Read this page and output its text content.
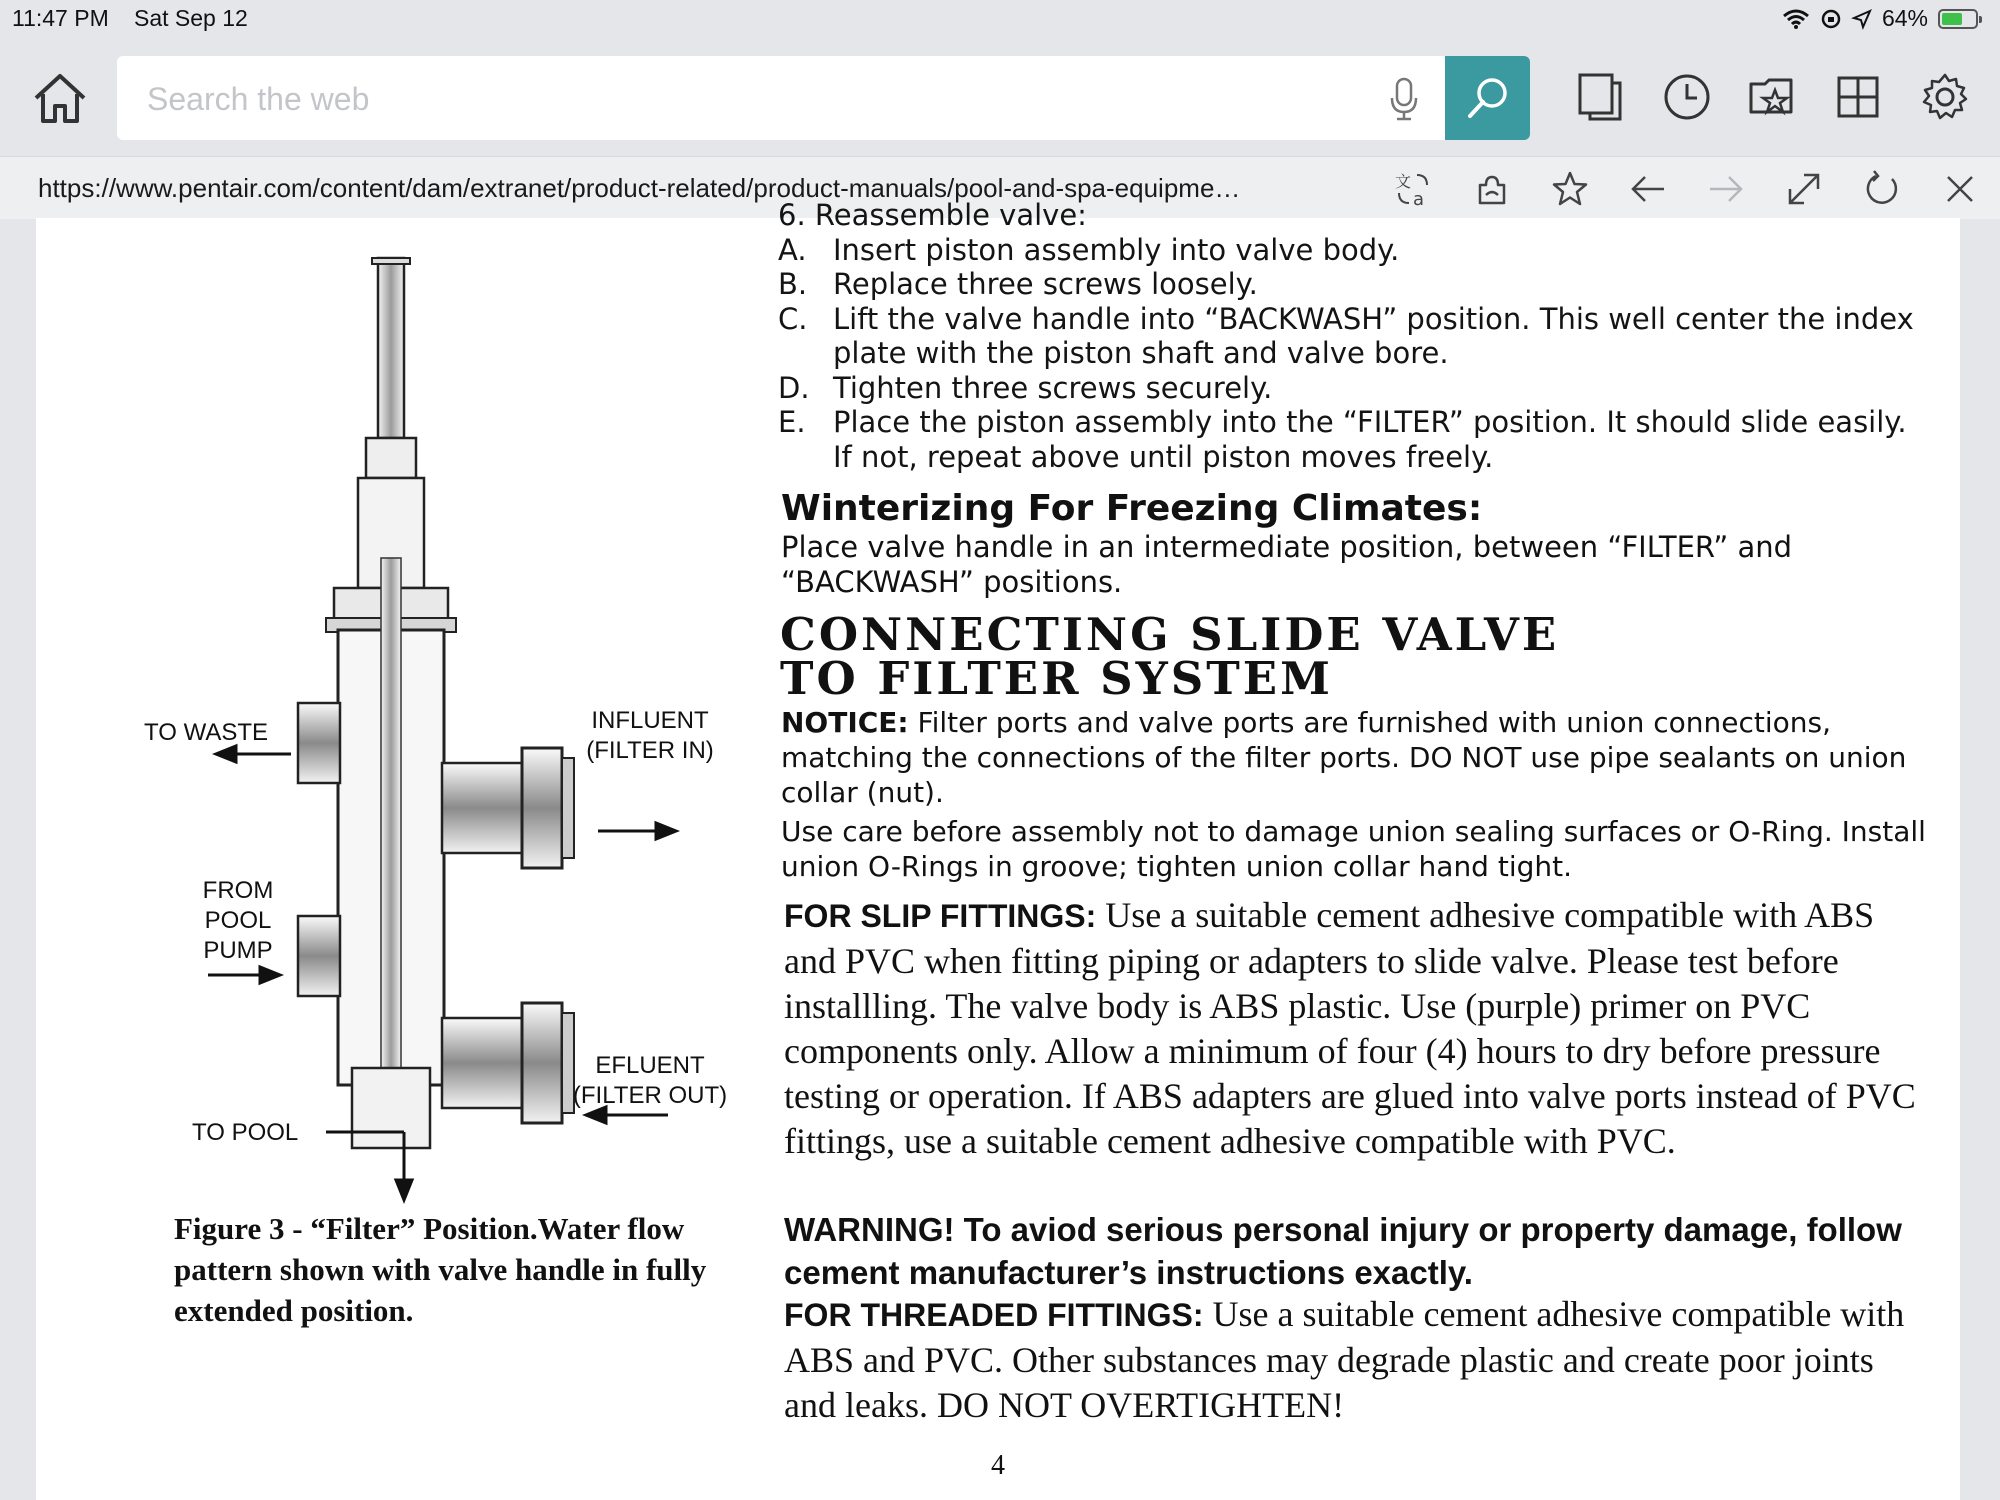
11:47 PM Sat Sep 12	64%
Search the web
https://www.pentair.com/content/dam/extranet/product-related/product-manuals/pool-and-spa-equipme…	文
a
6. Reassemble valve:
A. Insert piston assembly into valve body.
B. Replace three screws loosely.
C. Lift the valve handle into “BACKWASH” position. This well center the index plate with the piston shaft and valve bore.
D. Tighten three screws securely.
E. Place the piston assembly into the “FILTER” position. It should slide easily. If not, repeat above until piston moves freely.
Winterizing For Freezing Climates:
Place valve handle in an intermediate position, between “FILTER” and “BACKWASH” positions.
CONNECTING SLIDE VALVE
TO FILTER SYSTEM
NOTICE: Filter ports and valve ports are furnished with union connections, matching the connections of the filter ports. DO NOT use pipe sealants on union collar (nut).
Use care before assembly not to damage union sealing surfaces or O-Ring. Install union O-Rings in groove; tighten union collar hand tight.
FOR SLIP FITTINGS: Use a suitable cement adhesive compatible with ABS and PVC when fitting piping or adapters to slide valve. Please test before installling. The valve body is ABS plastic. Use (purple) primer on PVC components only. Allow a minimum of four (4) hours to dry before pressure testing or operation. If ABS adapters are glued into valve ports instead of PVC fittings, use a suitable cement adhesive compatible with PVC.
WARNING! To aviod serious personal injury or property damage, follow cement manufacturer’s instructions exactly.
FOR THREADED FITTINGS: Use a suitable cement adhesive compatible with ABS and PVC. Other substances may degrade plastic and create poor joints and leaks. DO NOT OVERTIGHTEN!
4
TO WASTE	INFLUENT
(FILTER IN)
FROM
POOL
PUMP
EFLUENT
(FILTER OUT)
TO POOL
Figure 3 - “Filter” Position.Water flow pattern shown with valve handle in fully extended position.
